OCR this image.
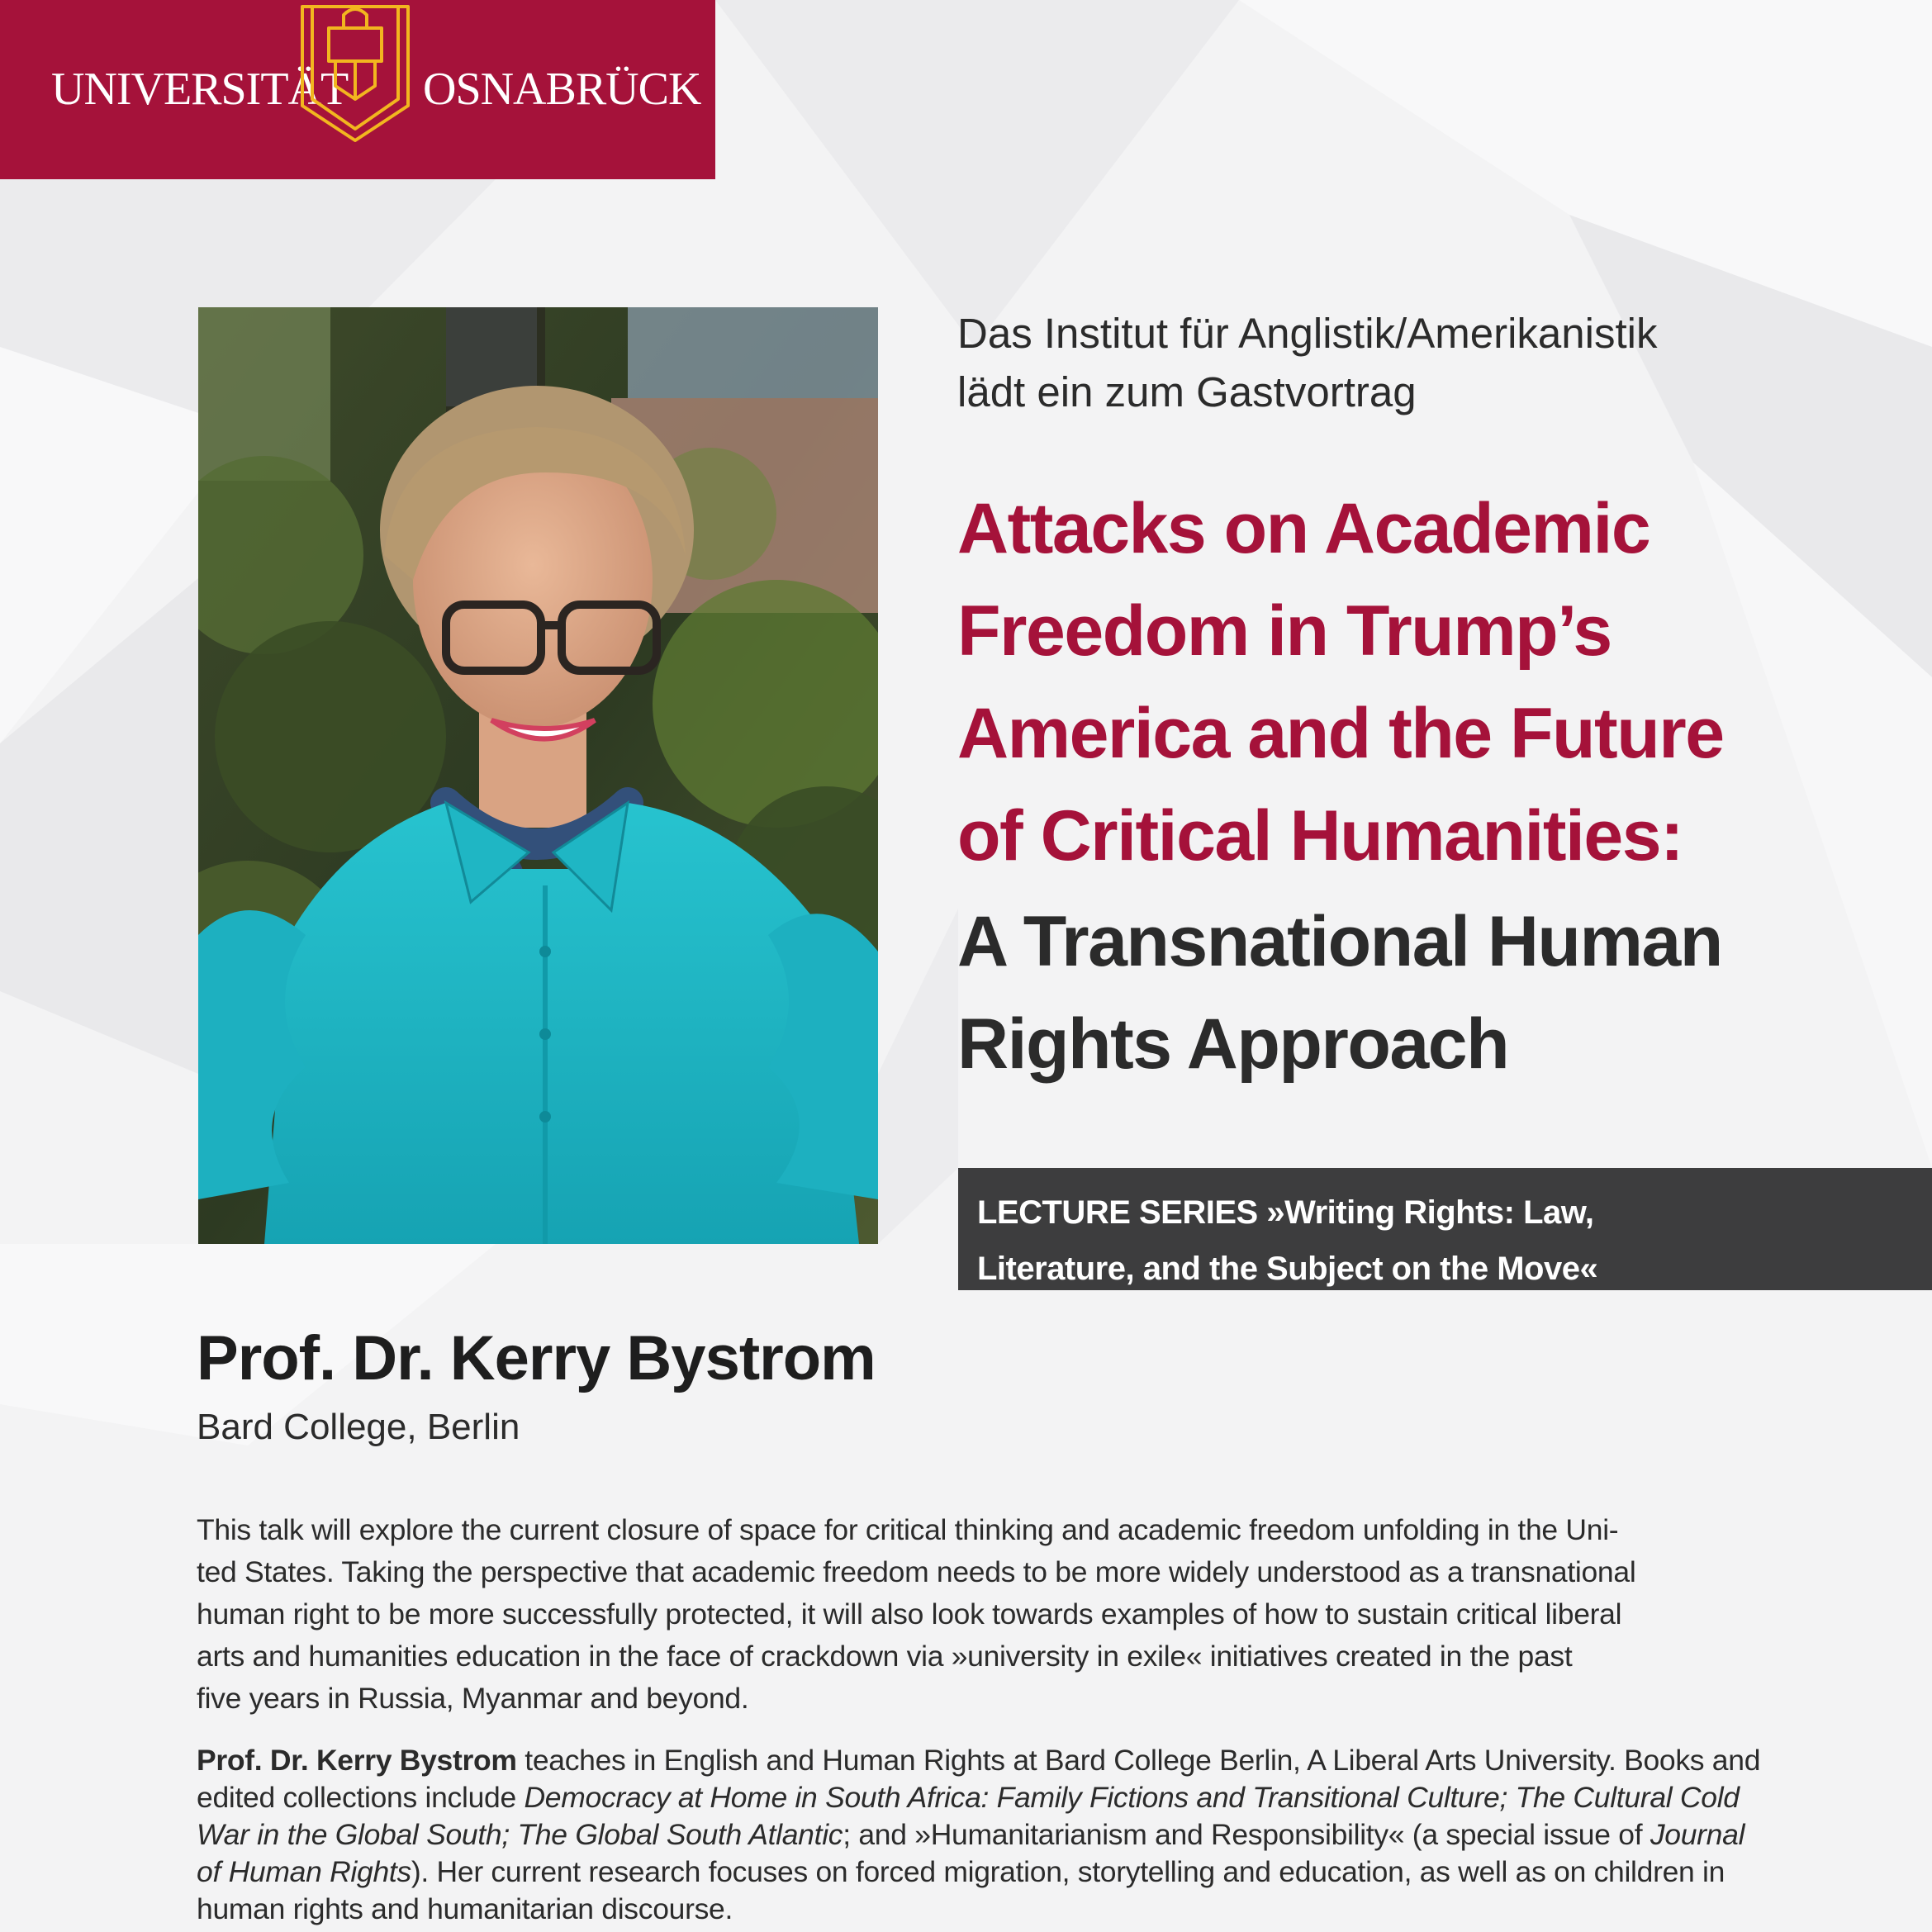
UNIVERSITÄT OSNABRÜCK
Das Institut für Anglistik/Amerikanistik
lädt ein zum Gastvortrag
Attacks on Academic
Freedom in Trump’s
America and the Future
of Critical Humanities:
A Transnational Human
Rights Approach
LECTURE SERIES »Writing Rights: Law,
Literature, and the Subject on the Move«
Prof. Dr. Kerry Bystrom
Bard College, Berlin
This talk will explore the current closure of space for critical thinking and academic freedom unfolding in the Uni-
ted States. Taking the perspective that academic freedom needs to be more widely understood as a transnational
human right to be more successfully protected, it will also look towards examples of how to sustain critical liberal
arts and humanities education in the face of crackdown via »university in exile« initiatives created in the past
five years in Russia, Myanmar and beyond.
Prof. Dr. Kerry Bystrom teaches in English and Human Rights at Bard College Berlin, A Liberal Arts University. Books and
edited collections include Democracy at Home in South Africa: Family Fictions and Transitional Culture; The Cultural Cold
War in the Global South; The Global South Atlantic; and »Humanitarianism and Responsibility« (a special issue of Journal
of Human Rights). Her current research focuses on forced migration, storytelling and education, as well as on children in
human rights and humanitarian discourse.
